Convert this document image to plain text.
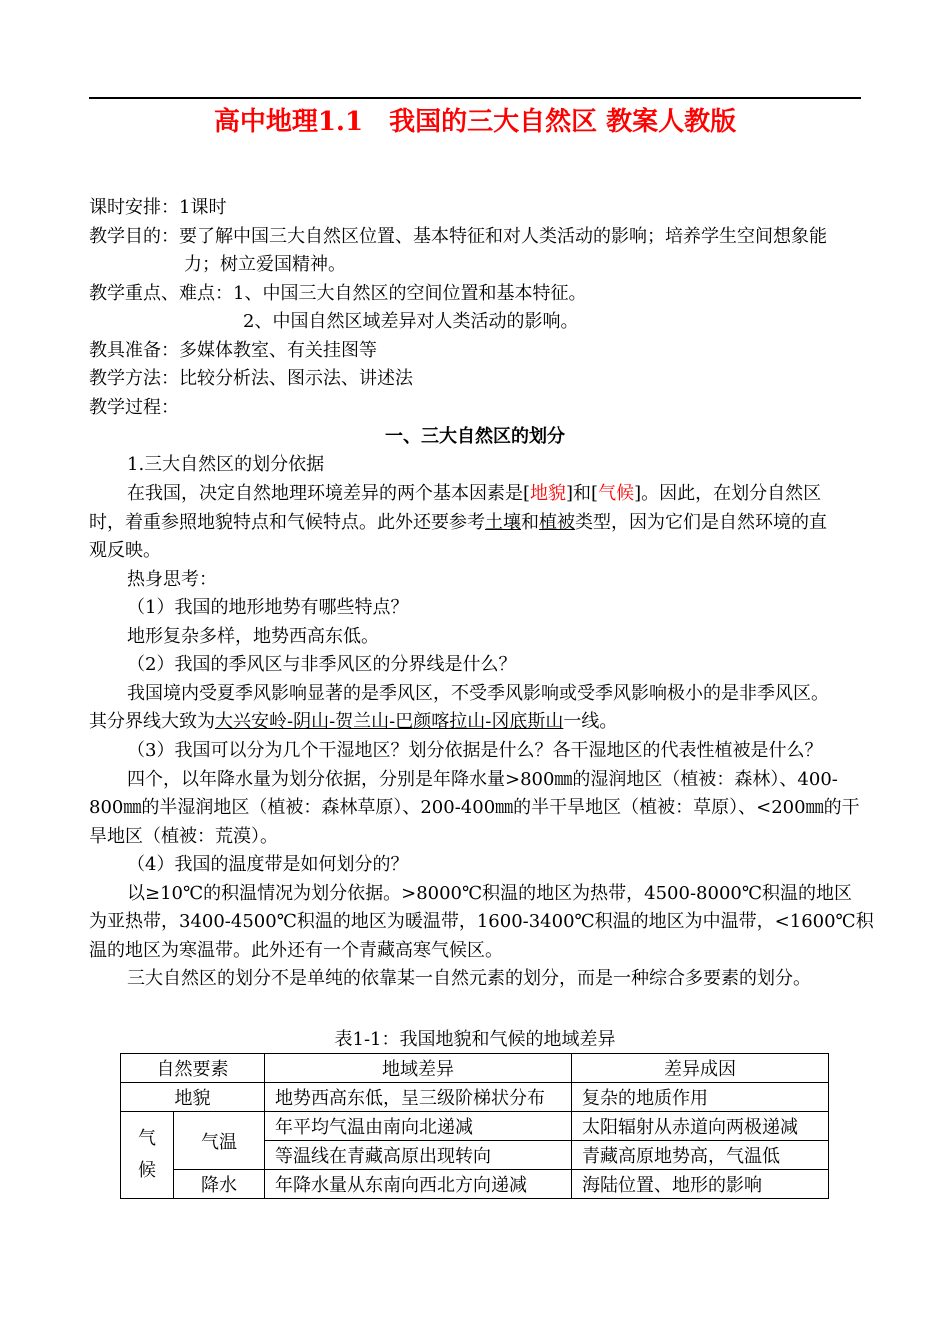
高中地理1.1　我国的三大自然区 教案人教版
课时安排：1课时
教学目的：要了解中国三大自然区位置、基本特征和对人类活动的影响；培养学生空间想象能
力；树立爱国精神。
教学重点、难点：1、中国三大自然区的空间位置和基本特征。
2、中国自然区域差异对人类活动的影响。
教具准备：多媒体教室、有关挂图等
教学方法：比较分析法、图示法、讲述法
教学过程：
一、三大自然区的划分
1.三大自然区的划分依据
在我国，决定自然地理环境差异的两个基本因素是[地貌]和[气候]。因此，在划分自然区
时，着重参照地貌特点和气候特点。此外还要参考土壤和植被类型，因为它们是自然环境的直
观反映。
热身思考：
（1）我国的地形地势有哪些特点？
地形复杂多样，地势西高东低。
（2）我国的季风区与非季风区的分界线是什么？
我国境内受夏季风影响显著的是季风区，不受季风影响或受季风影响极小的是非季风区。
其分界线大致为大兴安岭-阴山-贺兰山-巴颜喀拉山-冈底斯山一线。
（3）我国可以分为几个干湿地区？划分依据是什么？各干湿地区的代表性植被是什么？
四个，以年降水量为划分依据，分别是年降水量>800㎜的湿润地区（植被：森林）、400-
800㎜的半湿润地区（植被：森林草原）、200-400㎜的半干旱地区（植被：草原）、<200㎜的干
旱地区（植被：荒漠）。
（4）我国的温度带是如何划分的？
以≥10℃的积温情况为划分依据。>8000℃积温的地区为热带，4500-8000℃积温的地区
为亚热带，3400-4500℃积温的地区为暖温带，1600-3400℃积温的地区为中温带，<1600℃积
温的地区为寒温带。此外还有一个青藏高寒气候区。
三大自然区的划分不是单纯的依靠某一自然元素的划分，而是一种综合多要素的划分。
表1-1：我国地貌和气候的地域差异
自然要素		地域差异	差异成因
地貌		地势西高东低，呈三级阶梯状分布	复杂的地质作用
气
候	气温	年平均气温由南向北递减	太阳辐射从赤道向两极递减
		等温线在青藏高原出现转向	青藏高原地势高，气温低
	降水	年降水量从东南向西北方向递减	海陆位置、地形的影响
